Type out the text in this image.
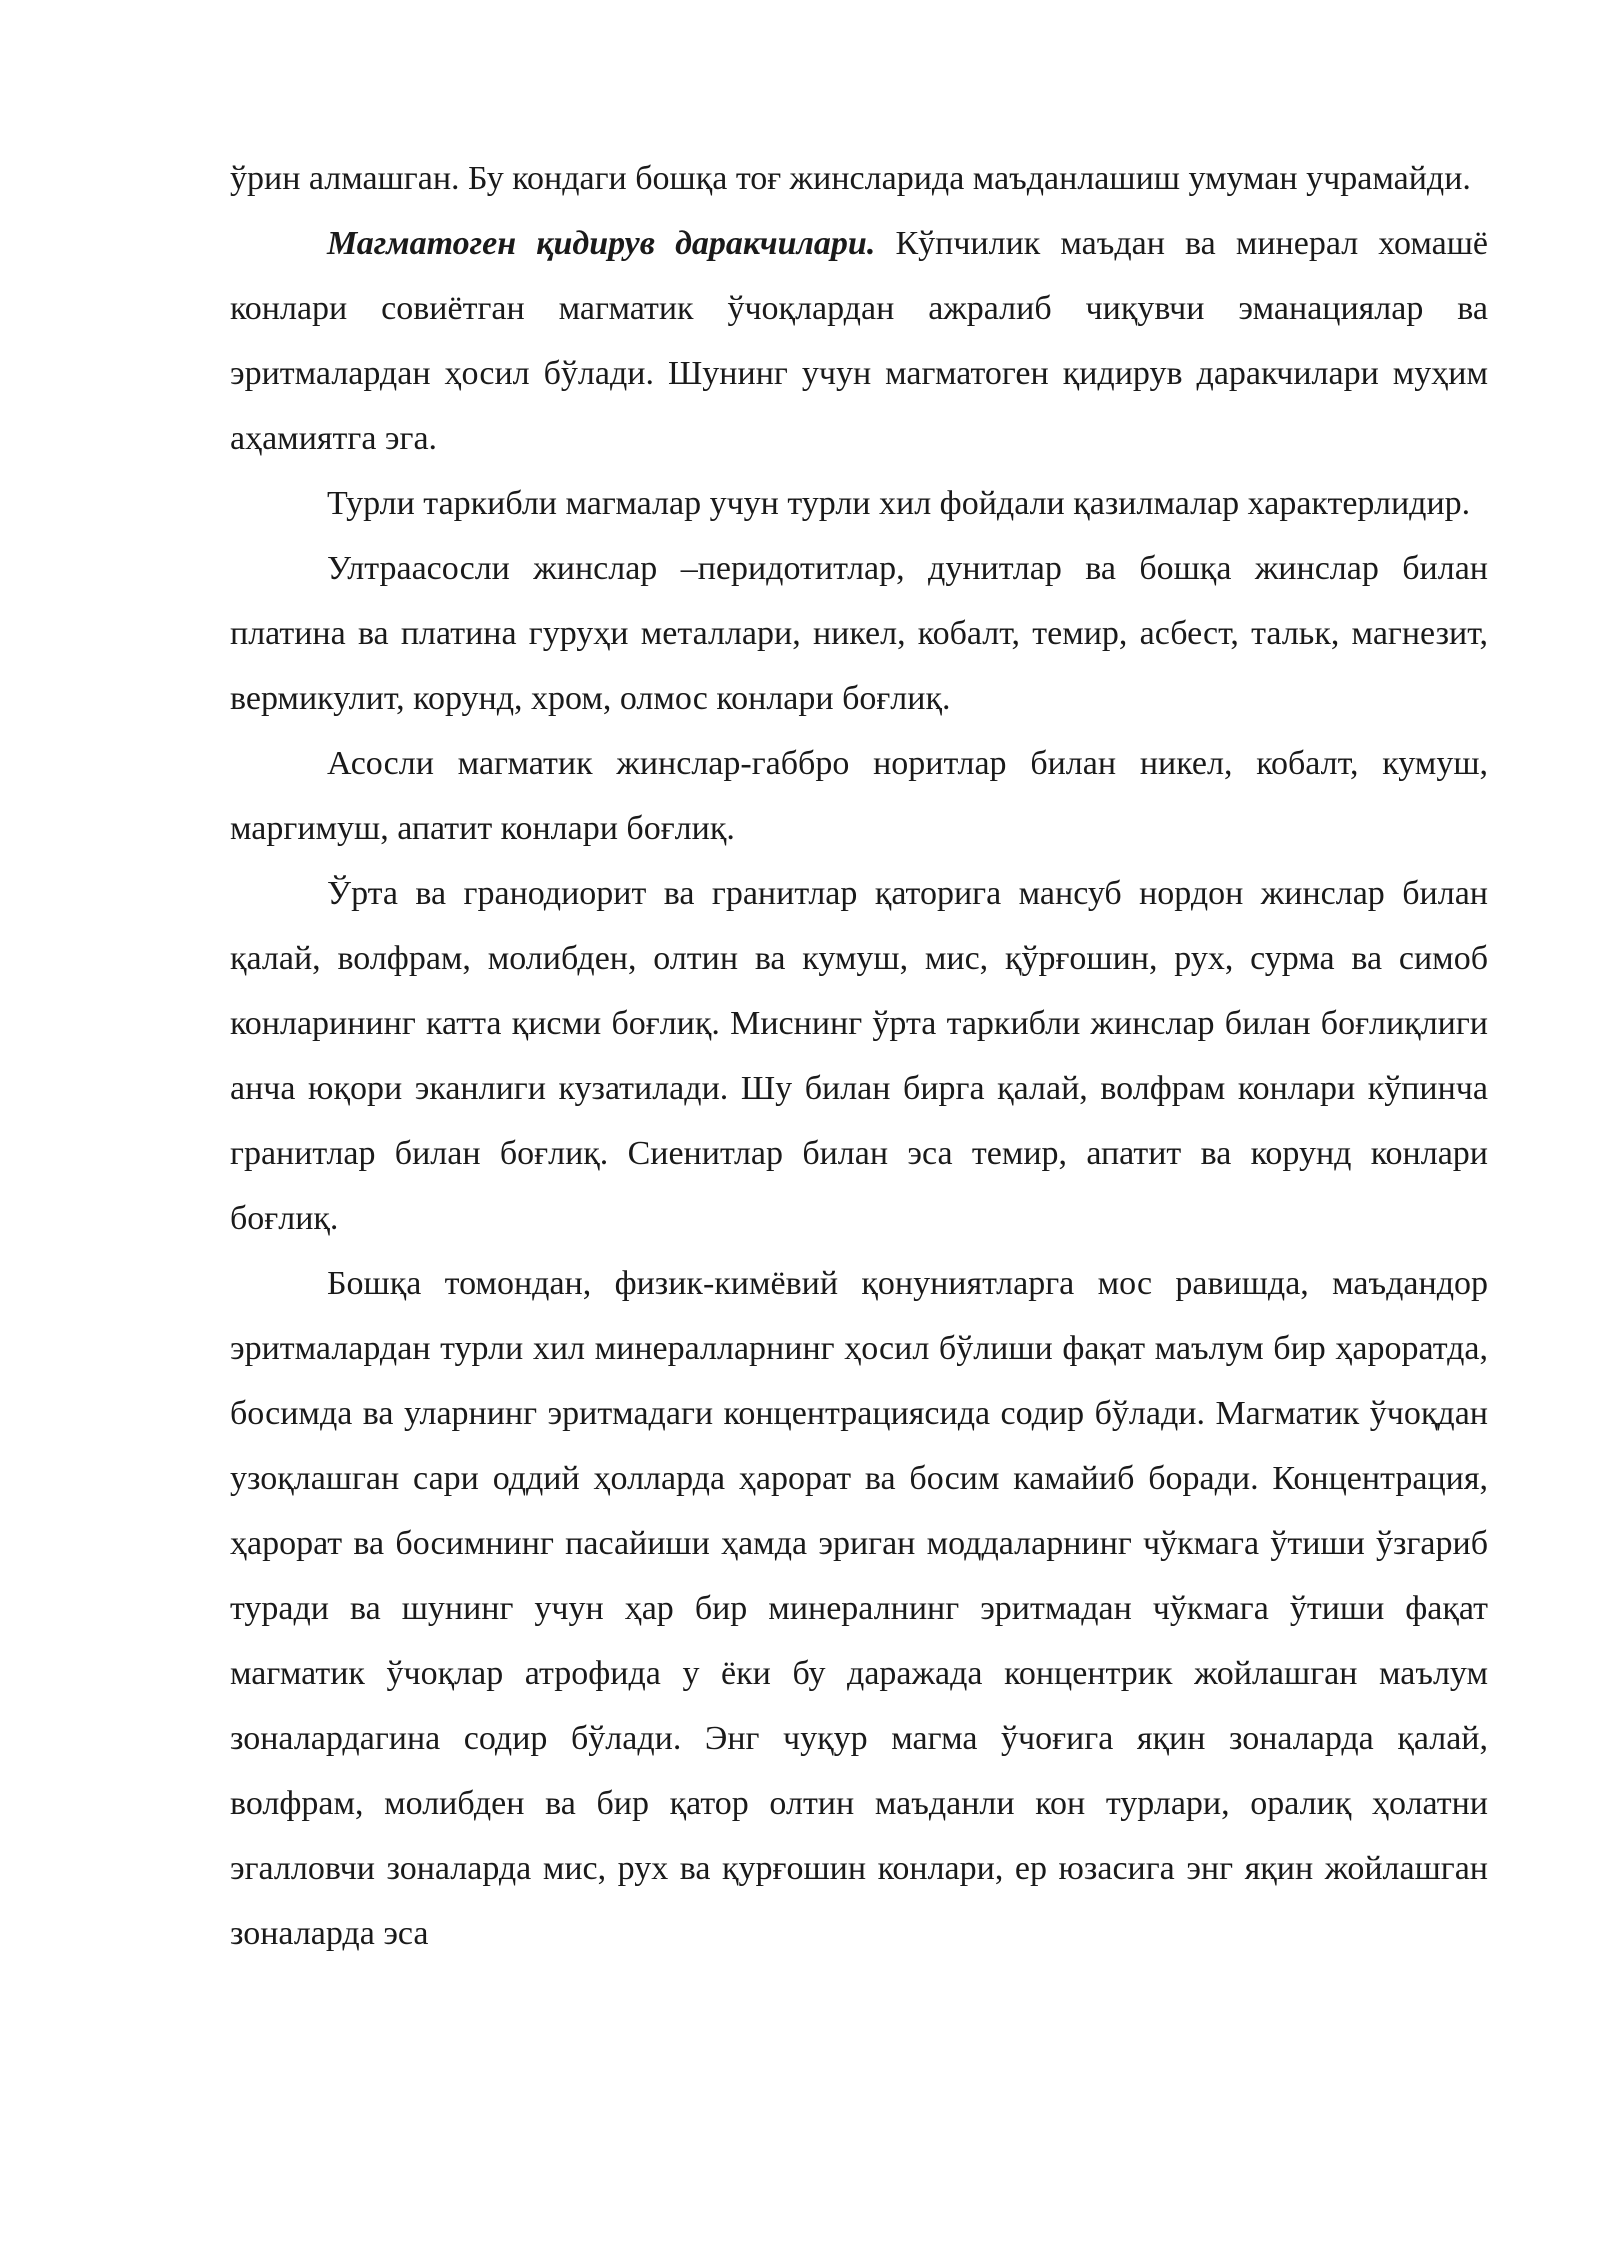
ўрин алмашган. Бу кондаги бошқа тоғ жинсларида маъданлашиш умуман учрамайди.

Магматоген қидирув даракчилари. Кўпчилик маъдан ва минерал хомашё конлари совиётган магматик ўчоқлардан ажралиб чиқувчи эманациялар ва эритмалардан ҳосил бўлади. Шунинг учун магматоген қидирув даракчилари муҳим аҳамиятга эга.

Турли таркибли магмалар учун турли хил фойдали қазилмалар характерлидир.

Ултраасосли жинслар –перидотитлар, дунитлар ва бошқа жинслар билан платина ва платина гуруҳи металлари, никел, кобалт, темир, асбест, тальк, магнезит, вермикулит, корунд, хром, олмос конлари боғлиқ.

Асосли магматик жинслар-габбро норитлар билан никел, кобалт, кумуш, маргимуш, апатит конлари боғлиқ.

Ўрта ва гранодиорит ва гранитлар қаторига мансуб нордон жинслар билан қалай, волфрам, молибден, олтин ва кумуш, мис, қўрғошин, рух, сурма ва симоб конларининг катта қисми боғлиқ. Миснинг ўрта таркибли жинслар билан боғлиқлиги анча юқори эканлиги кузатилади. Шу билан бирга қалай, волфрам конлари кўпинча гранитлар билан боғлиқ. Сиенитлар билан эса темир, апатит ва корунд конлари боғлиқ.

Бошқа томондан, физик-кимёвий қонуниятларга мос равишда, маъдандор эритмалардан турли хил минералларнинг ҳосил бўлиши фақат маълум бир ҳароратда, босимда ва уларнинг эритмадаги концентрациясида содир бўлади. Магматик ўчоқдан узоқлашган сари оддий ҳолларда ҳарорат ва босим камайиб боради. Концентрация, ҳарорат ва босимнинг пасайиши ҳамда эриган моддаларнинг чўкмага ўтиши ўзгариб туради ва шунинг учун ҳар бир минералнинг эритмадан чўкмага ўтиши фақат магматик ўчоқлар атрофида у ёки бу даражада концентрик жойлашган маълум зоналардагина содир бўлади. Энг чуқур магма ўчоғига яқин зоналарда қалай, волфрам, молибден ва бир қатор олтин маъданли кон турлари, оралиқ ҳолатни эгалловчи зоналарда мис, рух ва қурғошин конлари, ер юзасига энг яқин жойлашган зоналарда эса
